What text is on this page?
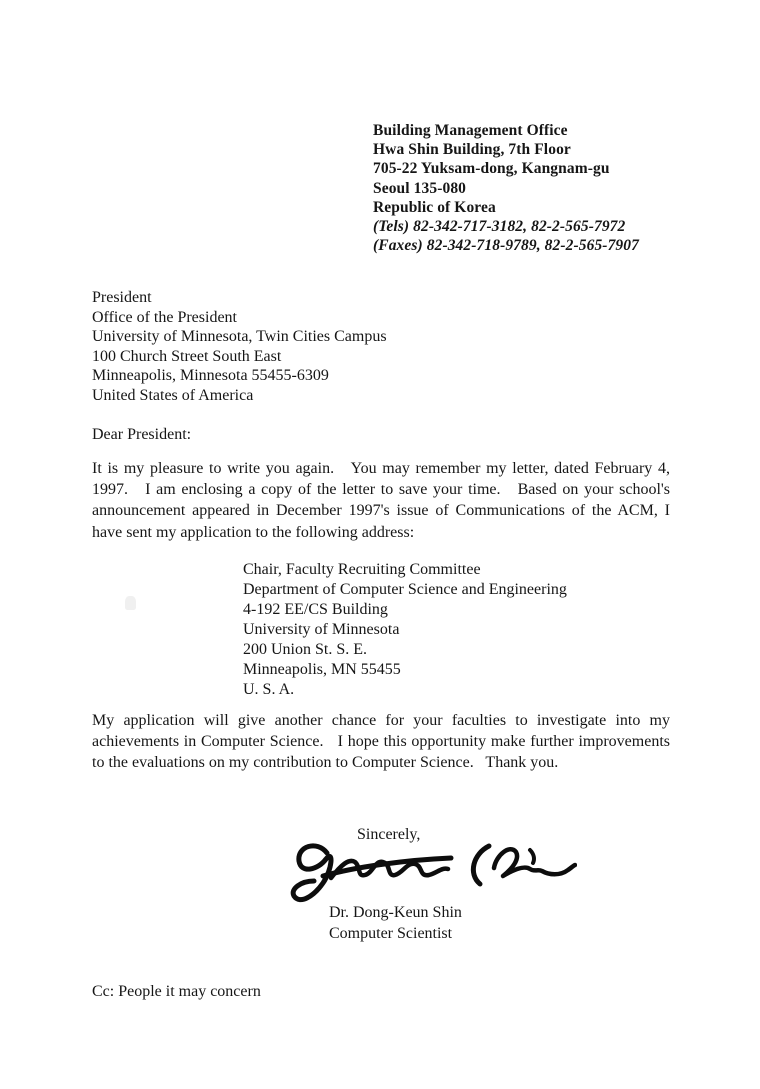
Building Management Office
Hwa Shin Building, 7th Floor
705-22 Yuksam-dong, Kangnam-gu
Seoul 135-080
Republic of Korea
(Tels) 82-342-717-3182, 82-2-565-7972
(Faxes) 82-342-718-9789, 82-2-565-7907
President
Office of the President
University of Minnesota, Twin Cities Campus
100 Church Street South East
Minneapolis, Minnesota 55455-6309
United States of America
Dear President:

It is my pleasure to write you again.   You may remember my letter, dated February 4, 1997.   I am enclosing a copy of the letter to save your time.   Based on your school's announcement appeared in December 1997's issue of Communications of the ACM, I have sent my application to the following address:

Chair, Faculty Recruiting Committee
Department of Computer Science and Engineering
4-192 EE/CS Building
University of Minnesota
200 Union St. S. E.
Minneapolis, MN 55455
U. S. A.

My application will give another chance for your faculties to investigate into my achievements in Computer Science.   I hope this opportunity make further improvements to the evaluations on my contribution to Computer Science.   Thank you.

Sincerely,
Dr. Dong-Keun Shin
Computer Scientist
Cc: People it may concern
